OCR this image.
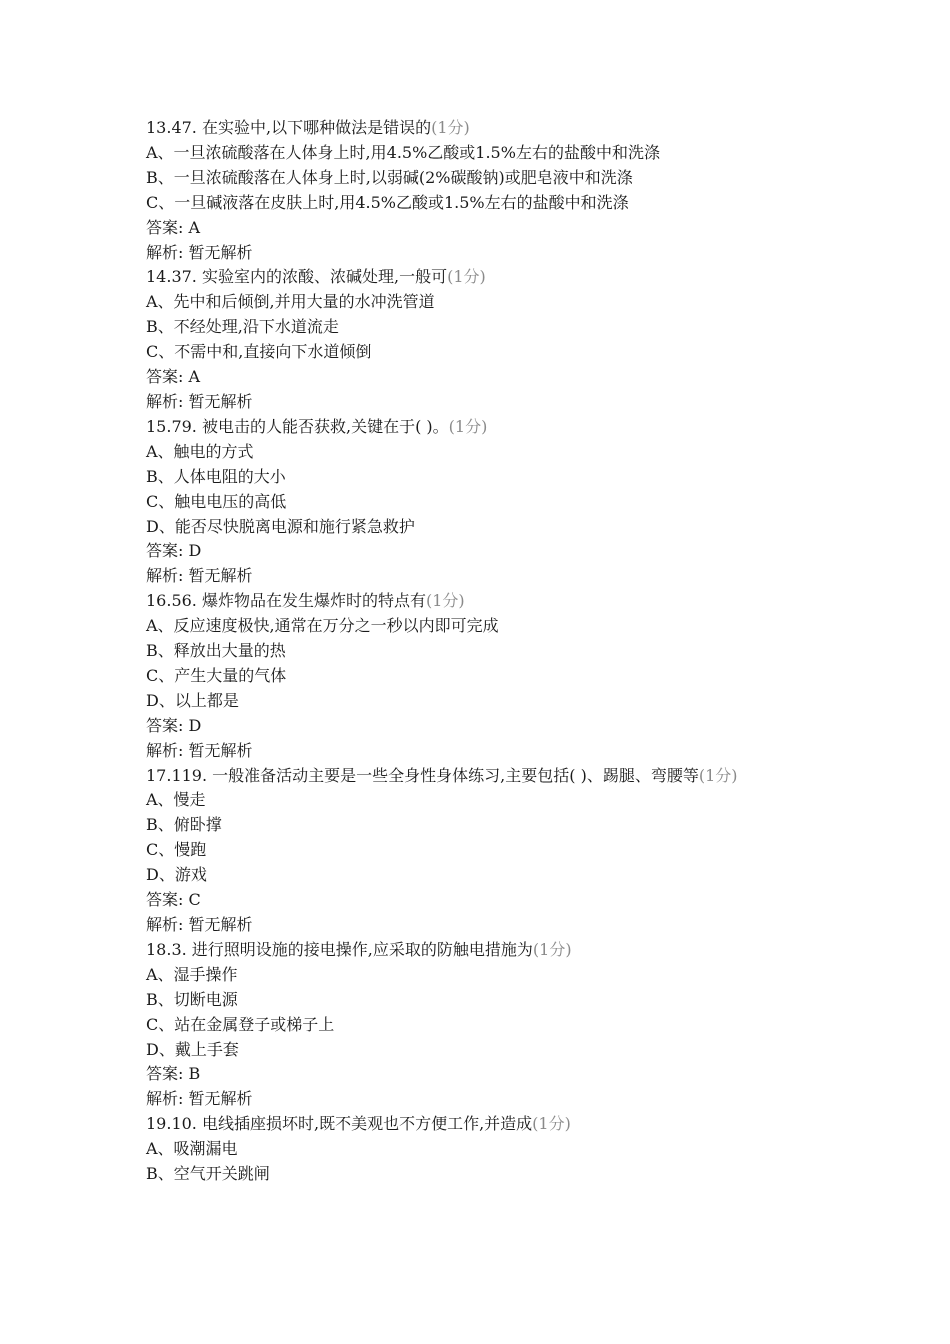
13.47. 在实验中,以下哪种做法是错误的(1分)

A、一旦浓硫酸落在人体身上时,用4.5%乙酸或1.5%左右的盐酸中和洗涤

B、一旦浓硫酸落在人体身上时,以弱碱(2%碳酸钠)或肥皂液中和洗涤

C、一旦碱液落在皮肤上时,用4.5%乙酸或1.5%左右的盐酸中和洗涤

答案: A

解析: 暂无解析

14.37. 实验室内的浓酸、浓碱处理,一般可(1分)

A、先中和后倾倒,并用大量的水冲洗管道

B、不经处理,沿下水道流走

C、不需中和,直接向下水道倾倒

答案: A

解析: 暂无解析

15.79. 被电击的人能否获救,关键在于( )。(1分)

A、触电的方式

B、人体电阻的大小

C、触电电压的高低

D、能否尽快脱离电源和施行紧急救护

答案: D

解析: 暂无解析

16.56. 爆炸物品在发生爆炸时的特点有(1分)

A、反应速度极快,通常在万分之一秒以内即可完成

B、释放出大量的热

C、产生大量的气体

D、以上都是

答案: D

解析: 暂无解析

17.119. 一般准备活动主要是一些全身性身体练习,主要包括( )、踢腿、弯腰等(1分)

A、慢走

B、俯卧撑

C、慢跑

D、游戏

答案: C

解析: 暂无解析

18.3. 进行照明设施的接电操作,应采取的防触电措施为(1分)

A、湿手操作

B、切断电源

C、站在金属登子或梯子上

D、戴上手套

答案: B

解析: 暂无解析

19.10. 电线插座损坏时,既不美观也不方便工作,并造成(1分)

A、吸潮漏电

B、空气开关跳闸
